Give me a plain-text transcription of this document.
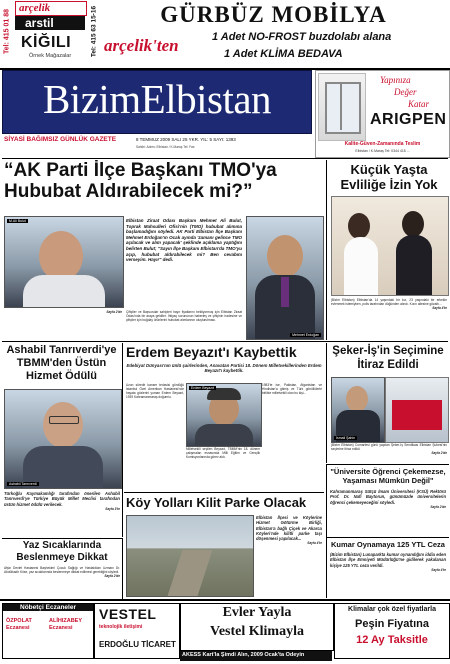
Tel: 415 01 88
arçelik
arstil
KİĞILI
Örnek Mağazalar	Tel: 415 63 15-16	GÜRBÜZ MOBİLYA
arçelik'ten	1 Adet NO-FROST buzdolabı alana
1 Adet KLİMA BEDAVA
BizimElbistan
SİYASİ BAĞIMSIZ GÜNLÜK GAZETE	8 TEMMUZ 2009 SALI 25 YKR. YIL: 5 SAYI: 1393
Sahibi: Adres: Elbistan / K.Maraş Tel: Fax:
Yapınıza
Değer
Katar
ARIGPEN
Kalite-Güven-Zamanında Teslim
Elbistan / K.Maraş Tel: 0344 415 ...
“AK Parti İlçe Başkanı TMO'ya Hububat Aldırabilecek mi?”
M.Ali Bulut	Elbistan Ziraat Odası Başkanı Mehmet Ali Bulut, Toprak Mahsulleri Ofisi'nin (TMO) hububat alımına başlamadığını söyledi. AK Parti Elbistan İlçe Başkanı Mehmet Erdoğan'ın Ocak ayında 'zamanı gelince TMO açılacak ve alım yapacak' şeklinde açıklama yaptığını belirten Bulut; "Sayın İlçe Başkanı Elbistan'da TMO'yu açıp, hububat aldırabilecek mi? Ben cevabını verseyim. Hayır" dedi.

Mehmet Erdoğan

Çiftçiler ve Başvurular sahipleri hayır fiyatlarını bekliyormuş için Elbistan Ziraat Odası'nda bir araya geldiler. İhtiyaç sorununun haberleş ve çiftçinin iradesine ve çiftçiler için buğday ürünlerini hububat alımlarının oluşturulması.

Sayfa 2'de

Küçük Yaşta Evliliğe İzin Yok

(Bizim Elbistan) Elbistan'da 14 yaşındaki bir kız, 23 yaşındaki bir erkekle evlenmek istemiyken, polis tarafından düğünden alındı. Kızın ailesine gözaltı...

Sayfa 4'te

Ashabil Tanrıverdi'ye TBMM'den Üstün Hizmet Ödülü
Ashabil Tanrıverdi

Türkoğlu Kaymakamlığı tarafından önerilen Ashabil Tanrıverdi'ye Türkiye Büyük Millet Meclisi tarafından üstün hizmet ödülü verilecek.

Sayfa 3'te

Erdem Beyazıt'ı Kaybettik

Edebiyat Dünyası'nın ünlü şairlerinden, Anavatan Partisi 18. Dönem Milletvekillerinden Erdem Beyazıt'ı kaybettik.

Uzun süredir kanser tedavisi gördüğü İstanbul Özel Amerikan Hastanesi'nde hayata gözlerini yuman Erdem Beyazıt, 1939 Kahramanmaraş doğumlu.

Erdem Beyazıt

Milletvekili seçilen Beyazıt, TBMM'nin 18. dönem çalışmaları esnasında Milli Eğitim ve Gençlik Komisyonlarında görev aldı.

1983'te ise, Pakistan, Afganistan ve Hindistan'a gitmiş ve Türk gönüllülerle birlikte milletvekili olan bu kişi...

Köy Yolları Kilit Parke Olacak

Elbistan İlçesi ve Köylerine Hizmet Götürme Birliği, Elbistan'a bağlı Çiçek ve Akarca Köyleri'nde kilitli parke taşı döşenmesi yapılacak...

Sayfa 4'te

Şeker-İş'in Seçimine İtiraz Edildi
İsmail Şahin

(Bizim Elbistan) Cumartesi günü yapılan Şeker-İş Sendikası Elbistan Şubesi'nin seçimine itiraz edildi.

Sayfa 2'de

"Üniversite Öğrenci Çekemezse, Yaşaması Mümkün Değil"

Kahramanmaraş Sütçü İmam Üniversitesi (KSÜ) Rektörü Prof. Dr. Nafi Baytorun, günümüzde üniversitelerin öğrenci çekemeyeceğini söyledi.

Sayfa 2'de

Kumar Oynamaya 125 YTL Ceza

(Bizim Elbistan) Lunaparkta kumar oynandığını iddia eden Elbistan İlçe Emniyeti Müdürlüğü'ne gidilerek yakalanan kişiye 125 YTL ceza verildi.

Sayfa 4'te

Yaz Sıcaklarında Beslenmeye Dikkat

Afşin Devlet Hastanesi Başhekimi Çocuk Sağlığı ve Hastalıkları Uzmanı Dr. Abdülkadir Köse, yaz sıcaklarında beslenmeye dikkat edilmesi gerektiğini söyledi.

Sayfa 2'de

Nöbetçi Eczaneler
ÖZPOLAT Eczanesi
ALİHIZABEY Eczanesi
VESTEL
teknolojik iletişimi
ERDOĞLU TİCARET
Evler Yayla
Vestel Klimayla
Klimalar çok özel fiyatlarla
Peşin Fiyatına
12 Ay Taksitle
AKESS Kart'la Şimdi Alın, 2009 Ocak'ta Ödeyin
